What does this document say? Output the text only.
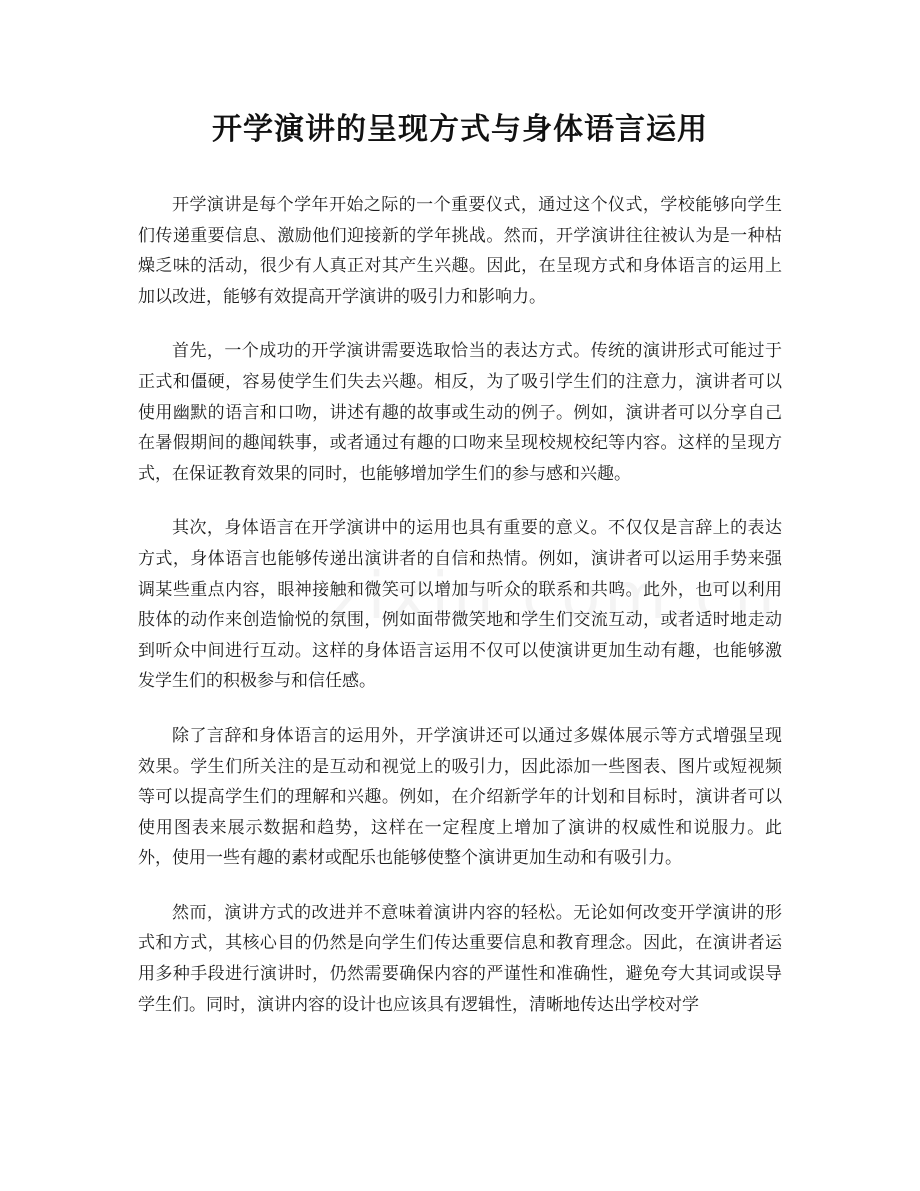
开学演讲的呈现方式与身体语言运用

开学演讲是每个学年开始之际的一个重要仪式，通过这个仪式，学校能够向学生们传递重要信息、激励他们迎接新的学年挑战。然而，开学演讲往往被认为是一种枯燥乏味的活动，很少有人真正对其产生兴趣。因此，在呈现方式和身体语言的运用上加以改进，能够有效提高开学演讲的吸引力和影响力。

首先，一个成功的开学演讲需要选取恰当的表达方式。传统的演讲形式可能过于正式和僵硬，容易使学生们失去兴趣。相反，为了吸引学生们的注意力，演讲者可以使用幽默的语言和口吻，讲述有趣的故事或生动的例子。例如，演讲者可以分享自己在暑假期间的趣闻轶事，或者通过有趣的口吻来呈现校规校纪等内容。这样的呈现方式，在保证教育效果的同时，也能够增加学生们的参与感和兴趣。

其次，身体语言在开学演讲中的运用也具有重要的意义。不仅仅是言辞上的表达方式，身体语言也能够传递出演讲者的自信和热情。例如，演讲者可以运用手势来强调某些重点内容，眼神接触和微笑可以增加与听众的联系和共鸣。此外，也可以利用肢体的动作来创造愉悦的氛围，例如面带微笑地和学生们交流互动，或者适时地走动到听众中间进行互动。这样的身体语言运用不仅可以使演讲更加生动有趣，也能够激发学生们的积极参与和信任感。

除了言辞和身体语言的运用外，开学演讲还可以通过多媒体展示等方式增强呈现效果。学生们所关注的是互动和视觉上的吸引力，因此添加一些图表、图片或短视频等可以提高学生们的理解和兴趣。例如，在介绍新学年的计划和目标时，演讲者可以使用图表来展示数据和趋势，这样在一定程度上增加了演讲的权威性和说服力。此外，使用一些有趣的素材或配乐也能够使整个演讲更加生动和有吸引力。

然而，演讲方式的改进并不意味着演讲内容的轻松。无论如何改变开学演讲的形式和方式，其核心目的仍然是向学生们传达重要信息和教育理念。因此，在演讲者运用多种手段进行演讲时，仍然需要确保内容的严谨性和准确性，避免夸大其词或误导学生们。同时，演讲内容的设计也应该具有逻辑性，清晰地传达出学校对学
